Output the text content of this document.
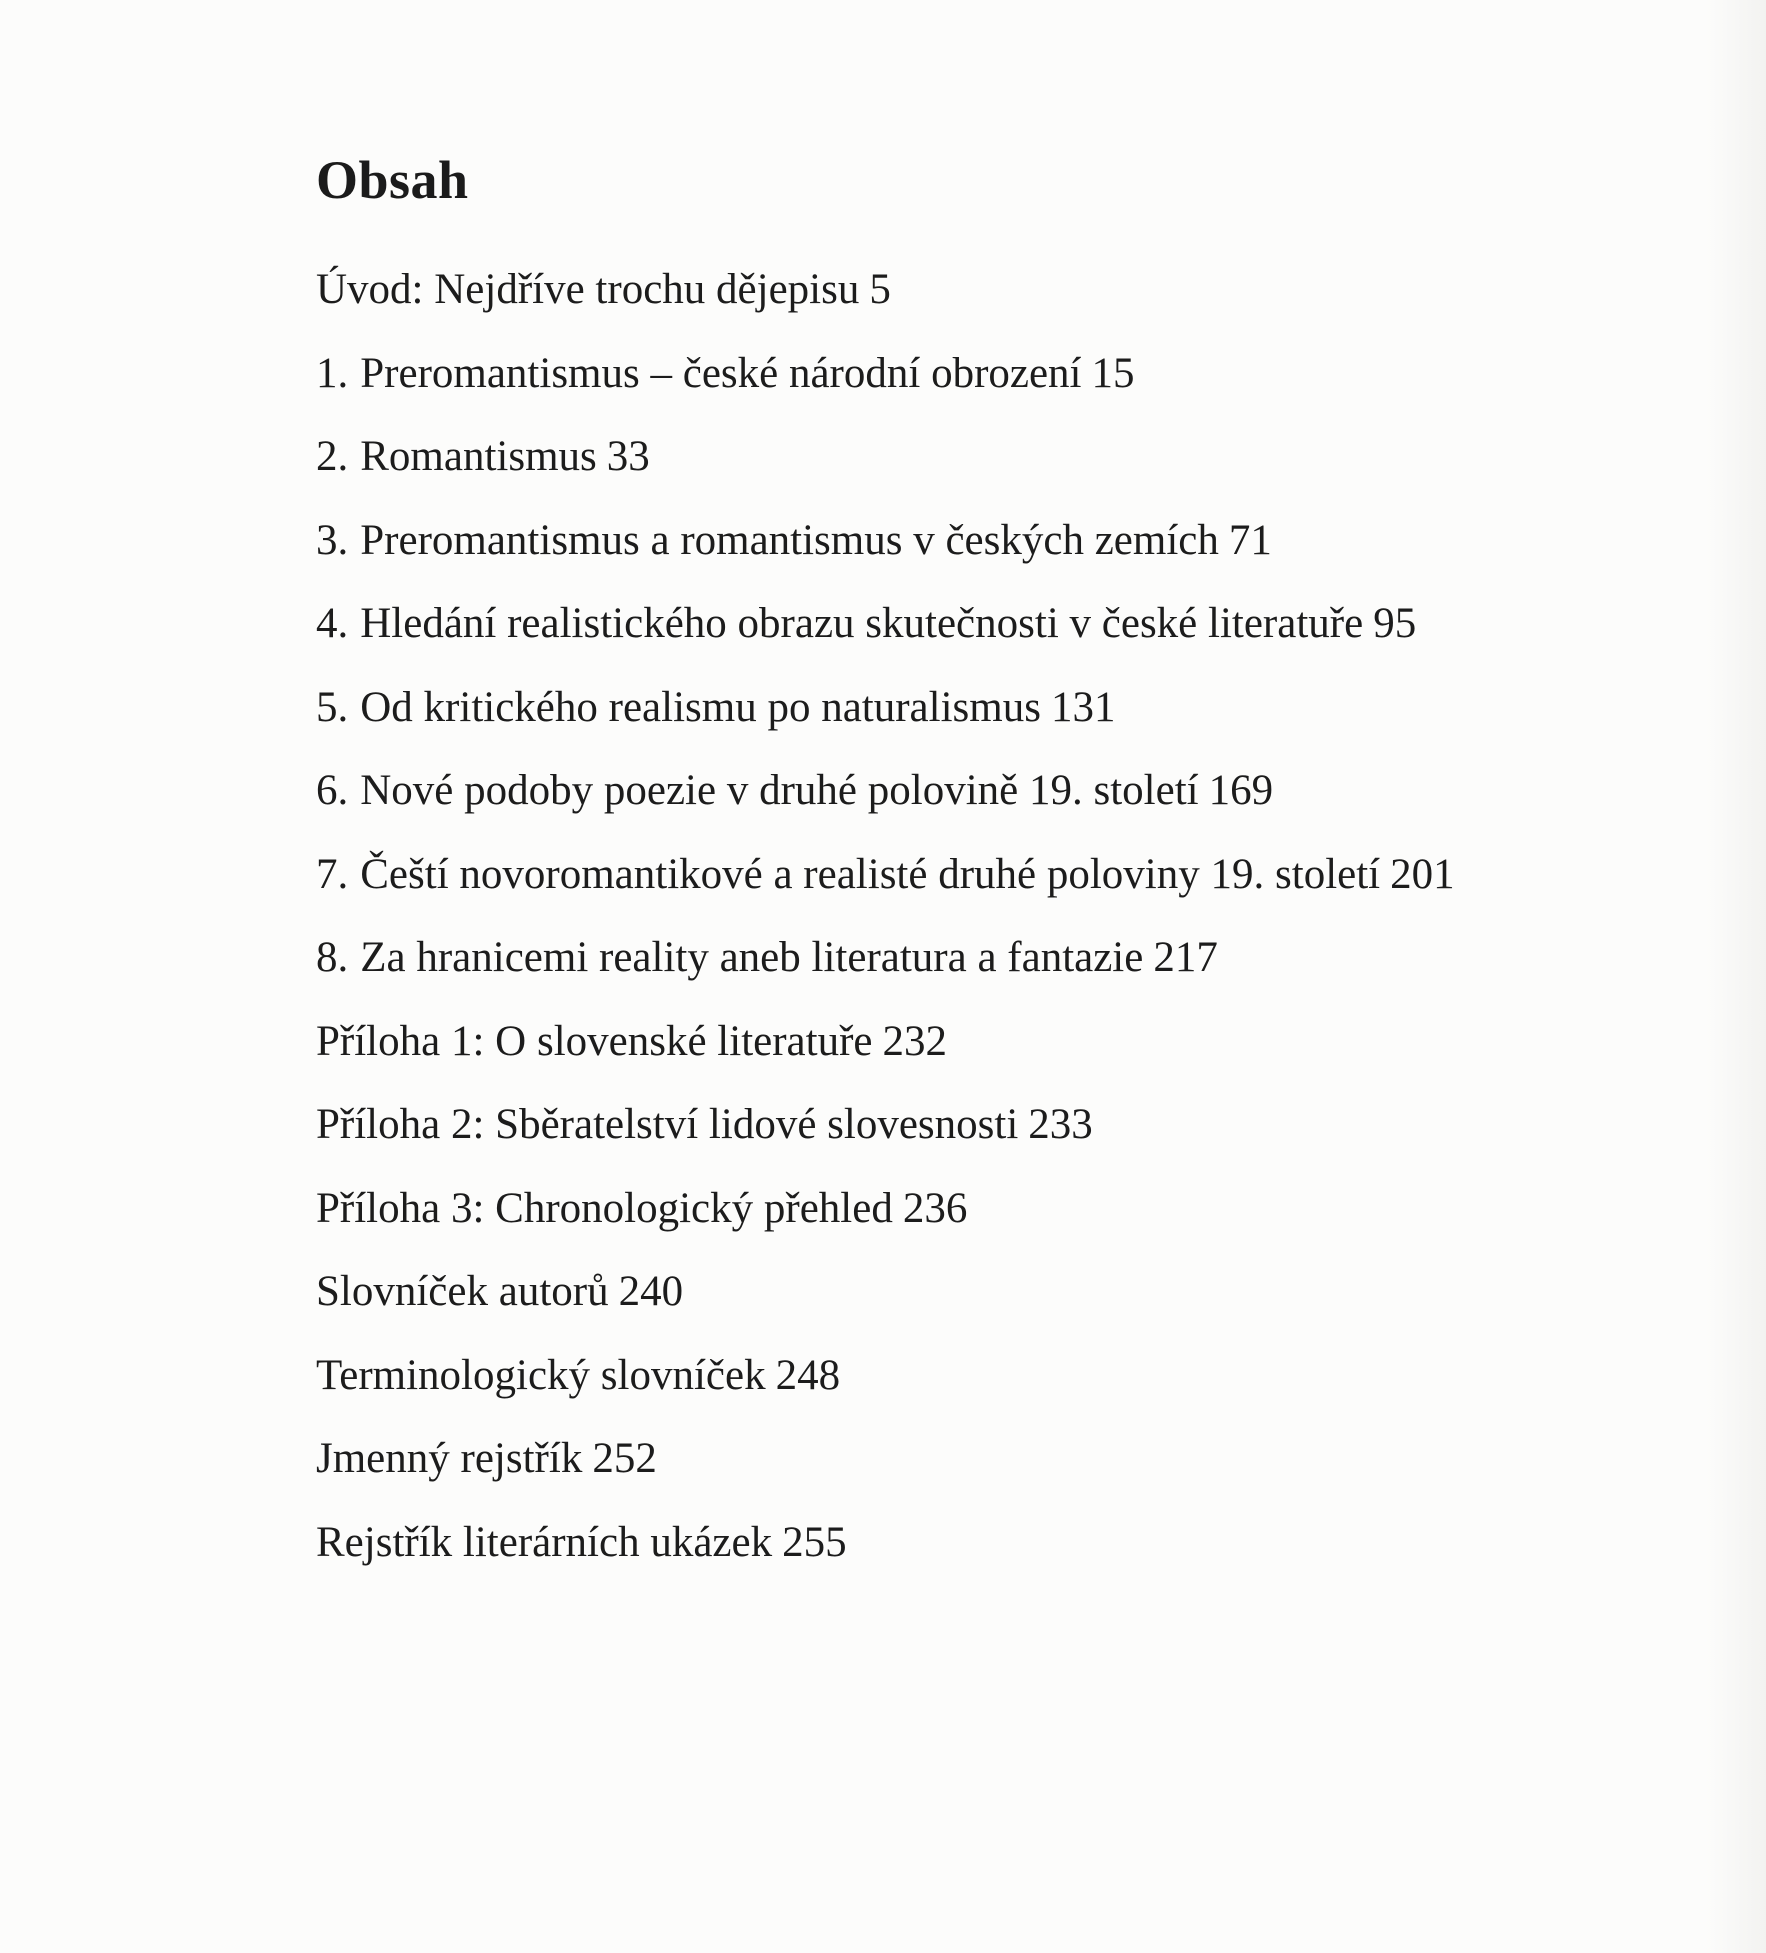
Obsah
Úvod: Nejdříve trochu dějepisu 5
1. Preromantismus – české národní obrození 15
2. Romantismus 33
3. Preromantismus a romantismus v českých zemích 71
4. Hledání realistického obrazu skutečnosti v české literatuře 95
5. Od kritického realismu po naturalismus 131
6. Nové podoby poezie v druhé polovině 19. století 169
7. Čeští novoromantikové a realisté druhé poloviny 19. století 201
8. Za hranicemi reality aneb literatura a fantazie 217
Příloha 1: O slovenské literatuře 232
Příloha 2: Sběratelství lidové slovesnosti 233
Příloha 3: Chronologický přehled 236
Slovníček autorů 240
Terminologický slovníček 248
Jmenný rejstřík 252
Rejstřík literárních ukázek 255
